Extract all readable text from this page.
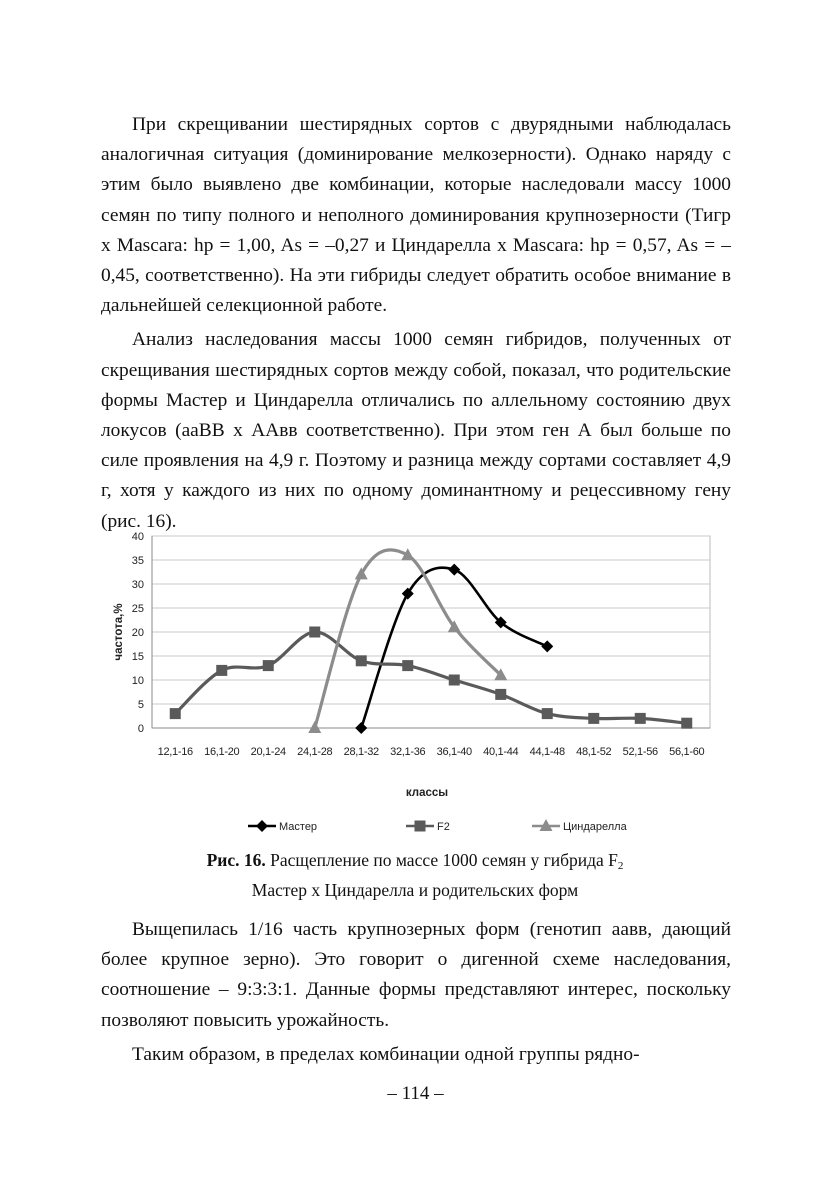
При скрещивании шестирядных сортов с двурядными наблюдалась аналогичная ситуация (доминирование мелкозерности). Однако наряду с этим было выявлено две комбинации, которые наследовали массу 1000 семян по типу полного и неполного доминирования крупнозерности (Тигр х Mascara: hp = 1,00, As = –0,27 и Циндарелла х Mascara: hp = 0,57, As = –0,45, соответственно). На эти гибриды следует обратить особое внимание в дальнейшей селекционной работе.

Анализ наследования массы 1000 семян гибридов, полученных от скрещивания шестирядных сортов между собой, показал, что родительские формы Мастер и Циндарелла отличались по аллельному состоянию двух локусов (ааВВ х ААвв соответственно). При этом ген А был больше по силе проявления на 4,9 г. Поэтому и разница между сортами составляет 4,9 г, хотя у каждого из них по одному доминантному и рецессивному гену (рис. 16).

0
5
10
15
20
25
30
35
40
12,1-16 16,1-20 20,1-24 24,1-28 28,1-32 32,1-36 36,1-40 40,1-44 44,1-48 48,1-52 52,1-56 56,1-60
классы
частота,%
Мастер	F2	Циндарелла
Рис. 16. Расщепление по массе 1000 семян у гибрида $F_2$
Мастер х Циндарелла и родительских форм

Выщепилась 1/16 часть крупнозерных форм (генотип аавв, дающий более крупное зерно). Это говорит о дигенной схеме наследования, соотношение – 9:3:3:1. Данные формы представляют интерес, поскольку позволяют повысить урожайность.

Таким образом, в пределах комбинации одной группы рядно-

– 114 –
